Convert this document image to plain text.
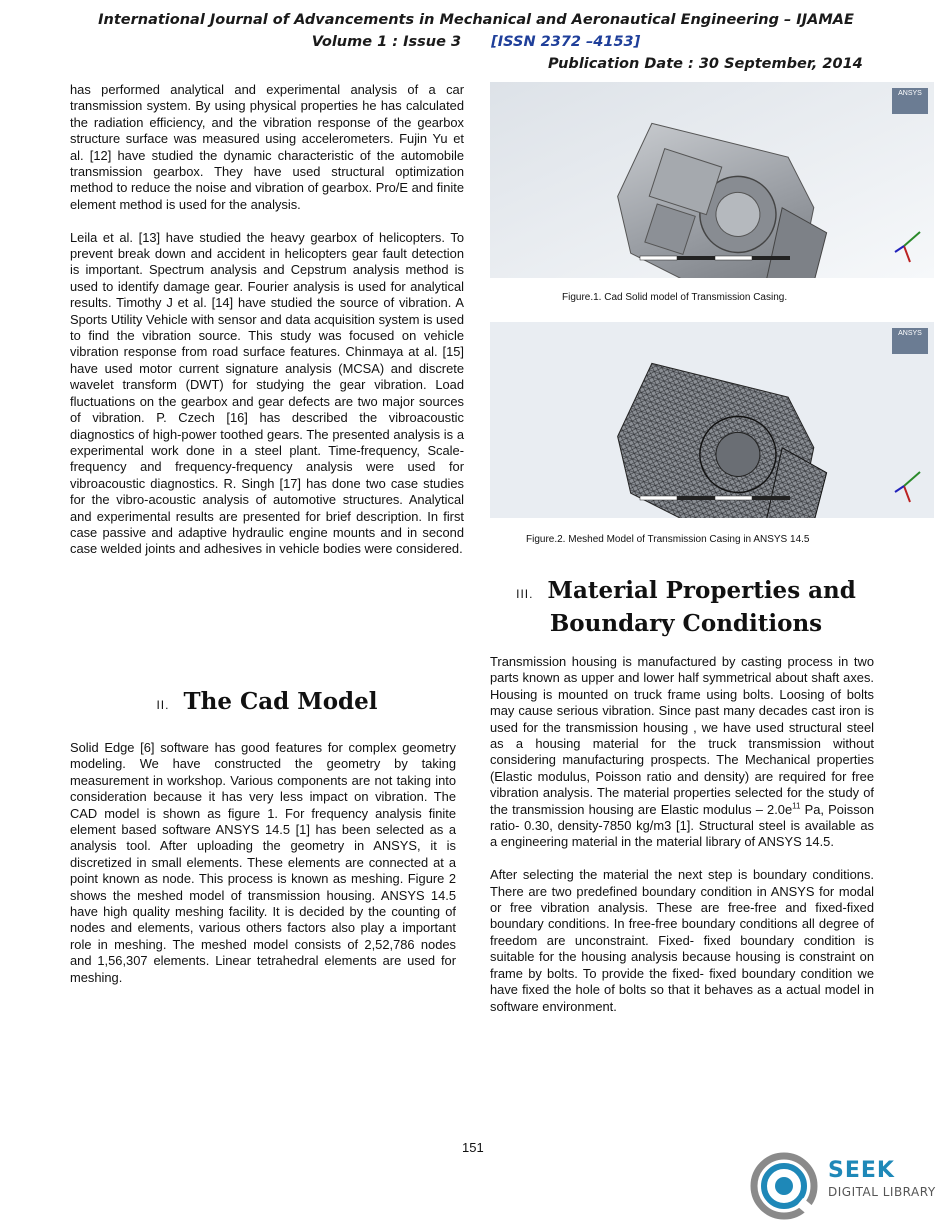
International Journal of Advancements in Mechanical and Aeronautical Engineering – IJAMAE
Volume 1 : Issue 3 [ISSN 2372 –4153]
Publication Date : 30 September, 2014

has performed analytical and experimental analysis of a car transmission system. By using physical properties he has calculated the radiation efficiency, and the vibration response of the gearbox structure surface was measured using accelerometers. Fujin Yu et al. [12] have studied the dynamic characteristic of the automobile transmission gearbox. They have used structural optimization method to reduce the noise and vibration of gearbox. Pro/E and finite element method is used for the analysis.

Leila et al. [13] have studied the heavy gearbox of helicopters. To prevent break down and accident in helicopters gear fault detection is important. Spectrum analysis and Cepstrum analysis method is used to identify damage gear. Fourier analysis is used for analytical results. Timothy J et al. [14] have studied the source of vibration. A Sports Utility Vehicle with sensor and data acquisition system is used to find the vibration source. This study was focused on vehicle vibration response from road surface features. Chinmaya at al. [15] have used motor current signature analysis (MCSA) and discrete wavelet transform (DWT) for studying the gear vibration. Load fluctuations on the gearbox and gear defects are two major sources of vibration. P. Czech [16] has described the vibroacoustic diagnostics of high-power toothed gears. The presented analysis is a experimental work done in a steel plant. Time-frequency, Scale-frequency and frequency-frequency analysis were used for vibroacoustic diagnostics. R. Singh [17] has done two case studies for the vibro-acoustic analysis of automotive structures. Analytical and experimental results are presented for brief description. In first case passive and adaptive hydraulic engine mounts and in second case welded joints and adhesives in vehicle bodies were considered.

II. The Cad Model

Solid Edge [6] software has good features for complex geometry modeling. We have constructed the geometry by taking measurement in workshop. Various components are not taking into consideration because it has very less impact on vibration. The CAD model is shown as figure 1. For frequency analysis finite element based software ANSYS 14.5 [1] has been selected as a analysis tool. After uploading the geometry in ANSYS, it is discretized in small elements. These elements are connected at a point known as node. This process is known as meshing. Figure 2 shows the meshed model of transmission housing. ANSYS 14.5 have high quality meshing facility. It is decided by the counting of nodes and elements, various others factors also play a important role in meshing. The meshed model consists of 2,52,786 nodes and 1,56,307 elements. Linear tetrahedral elements are used for meshing.

ANSYS
Figure.1. Cad Solid model of Transmission Casing.
ANSYS
Figure.2. Meshed Model of Transmission Casing in ANSYS 14.5
III. Material Properties and
Boundary Conditions

Transmission housing is manufactured by casting process in two parts known as upper and lower half symmetrical about shaft axes. Housing is mounted on truck frame using bolts. Loosing of bolts may cause serious vibration. Since past many decades cast iron is used for the transmission housing , we have used structural steel as a housing material for the truck transmission without considering manufacturing prospects. The Mechanical properties (Elastic modulus, Poisson ratio and density) are required for free vibration analysis. The material properties selected for the study of the transmission housing are Elastic modulus – $2.0e^{11}$ Pa, Poisson ratio- 0.30, density-7850 kg/m3 [1]. Structural steel is available as a engineering material in the material library of ANSYS 14.5.

After selecting the material the next step is boundary conditions. There are two predefined boundary condition in ANSYS for modal or free vibration analysis. These are free-free and fixed-fixed boundary conditions. In free-free boundary conditions all degree of freedom are unconstraint. Fixed- fixed boundary condition is suitable for the housing analysis because housing is constraint on frame by bolts. To provide the fixed- fixed boundary condition we have fixed the hole of bolts so that it behaves as a actual model in software environment.

151
SEEK
DIGITAL LIBRARY
